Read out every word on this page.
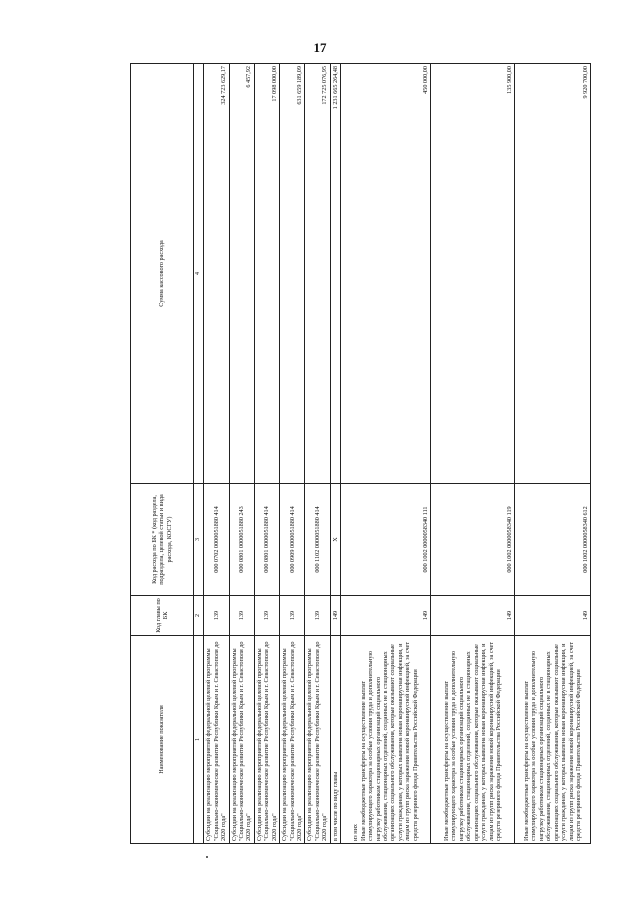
17
Наименование показателя	Код главы по БК	Код расхода по БК * (код раздела, подраздела, целевой статьи и вида расхода, КОСГУ)	Сумма кассового расхода
1	2	3	4
Субсидии на реализацию мероприятий федеральной целевой программы "Социально-экономическое развитие Республики Крым и г. Севастополя до 2020 года"	139	000 0702 0000051880 414	324 723 629,17
Субсидии на реализацию мероприятий федеральной целевой программы "Социально-экономическое развитие Республики Крым и г. Севастополя до 2020 года"	139	000 0801 0000051880 243	6 457,92
Субсидии на реализацию мероприятий федеральной целевой программы "Социально-экономическое развитие Республики Крым и г. Севастополя до 2020 года"	139	000 0801 0000051880 414	17 098 000,00
Субсидии на реализацию мероприятий федеральной целевой программы "Социально-экономическое развитие Республики Крым и г. Севастополя до 2020 года"	139	000 0909 0000051880 414	631 659 189,09
Субсидии на реализацию мероприятий федеральной целевой программы "Социально-экономическое развитие Республики Крым и г. Севастополя до 2020 года"	139	000 1102 0000051880 414	172 725 076,95
в том числе по виду главы	149	X	1 231 665 264,48
из них
Иные межбюджетные трансферты на осуществление выплат стимулирующего характера за особые условия труда и дополнительную нагрузку работникам стационарных организаций социального обслуживания, стационарных отделений, созданных не в стационарных организациях социального обслуживания, которые оказывают социальные услуги гражданам, у которых выявлена новая коронавирусная инфекция, и лицам из групп риска заражения новой коронавирусной инфекцией, за счет средств резервного фонда Правительства Российской Федерации	149	000 1002 0000058340 111	450 000,00
Иные межбюджетные трансферты на осуществление выплат стимулирующего характера за особые условия труда и дополнительную нагрузку работникам стационарных организаций социального обслуживания, стационарных отделений, созданных не в стационарных организациях социального обслуживания, которые оказывают социальные услуги гражданам, у которых выявлена новая коронавирусная инфекция, и лицам из групп риска заражения новой коронавирусной инфекцией, за счет средств резервного фонда Правительства Российской Федерации	149	000 1002 0000058340 119	135 900,00
Иные межбюджетные трансферты на осуществление выплат стимулирующего характера за особые условия труда и дополнительную нагрузку работникам стационарных организаций социального обслуживания, стационарных отделений, созданных не в стационарных организациях социального обслуживания, которые оказывают социальные услуги гражданам, у которых выявлена новая коронавирусная инфекция, и лицам из групп риска заражения новой коронавирусной инфекцией, за счет средств резервного фонда Правительства Российской Федерации	149	000 1002 0000058340 612	9 920 700,00
